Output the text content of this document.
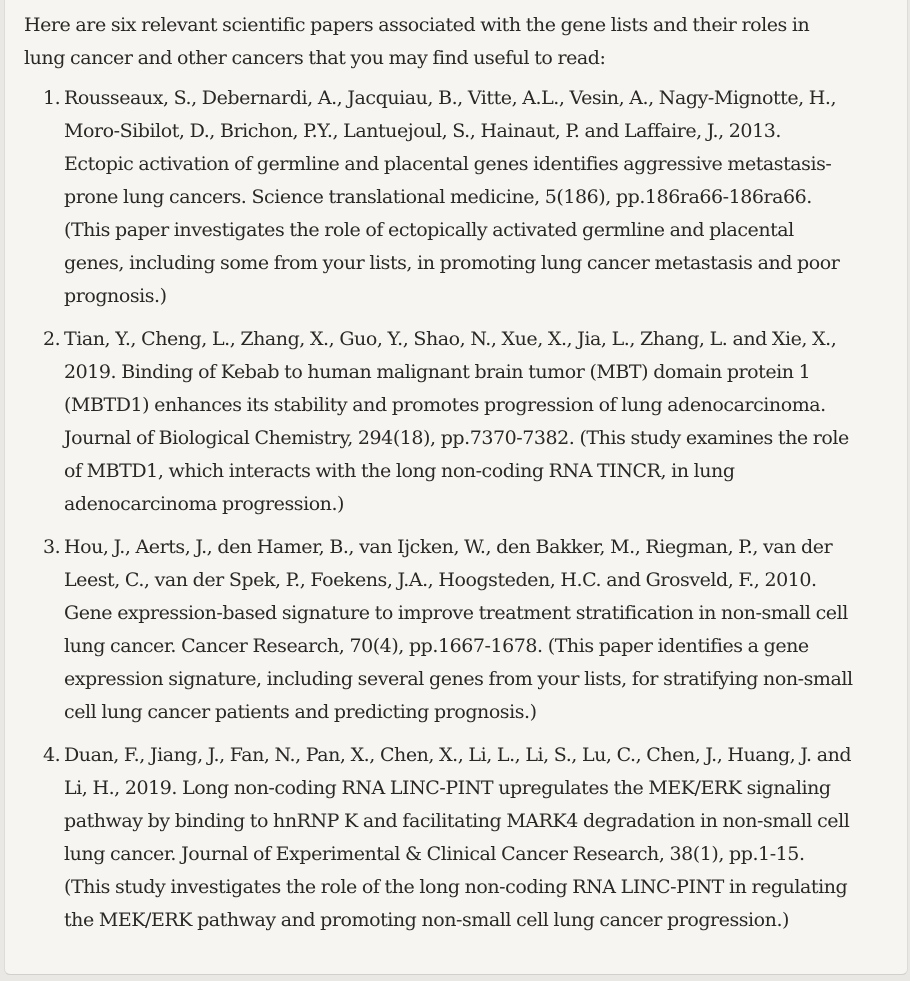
Here are six relevant scientific papers associated with the gene lists and their roles in lung cancer and other cancers that you may find useful to read:

1. Rousseaux, S., Debernardi, A., Jacquiau, B., Vitte, A.L., Vesin, A., Nagy-Mignotte, H., Moro-Sibilot, D., Brichon, P.Y., Lantuejoul, S., Hainaut, P. and Laffaire, J., 2013. Ectopic activation of germline and placental genes identifies aggressive metastasis-prone lung cancers. Science translational medicine, 5(186), pp.186ra66-186ra66. (This paper investigates the role of ectopically activated germline and placental genes, including some from your lists, in promoting lung cancer metastasis and poor prognosis.)
2. Tian, Y., Cheng, L., Zhang, X., Guo, Y., Shao, N., Xue, X., Jia, L., Zhang, L. and Xie, X., 2019. Binding of Kebab to human malignant brain tumor (MBT) domain protein 1 (MBTD1) enhances its stability and promotes progression of lung adenocarcinoma. Journal of Biological Chemistry, 294(18), pp.7370-7382. (This study examines the role of MBTD1, which interacts with the long non-coding RNA TINCR, in lung adenocarcinoma progression.)
3. Hou, J., Aerts, J., den Hamer, B., van Ijcken, W., den Bakker, M., Riegman, P., van der Leest, C., van der Spek, P., Foekens, J.A., Hoogsteden, H.C. and Grosveld, F., 2010. Gene expression-based signature to improve treatment stratification in non-small cell lung cancer. Cancer Research, 70(4), pp.1667-1678. (This paper identifies a gene expression signature, including several genes from your lists, for stratifying non-small cell lung cancer patients and predicting prognosis.)
4. Duan, F., Jiang, J., Fan, N., Pan, X., Chen, X., Li, L., Li, S., Lu, C., Chen, J., Huang, J. and Li, H., 2019. Long non-coding RNA LINC-PINT upregulates the MEK/ERK signaling pathway by binding to hnRNP K and facilitating MARK4 degradation in non-small cell lung cancer. Journal of Experimental & Clinical Cancer Research, 38(1), pp.1-15. (This study investigates the role of the long non-coding RNA LINC-PINT in regulating the MEK/ERK pathway and promoting non-small cell lung cancer progression.)
